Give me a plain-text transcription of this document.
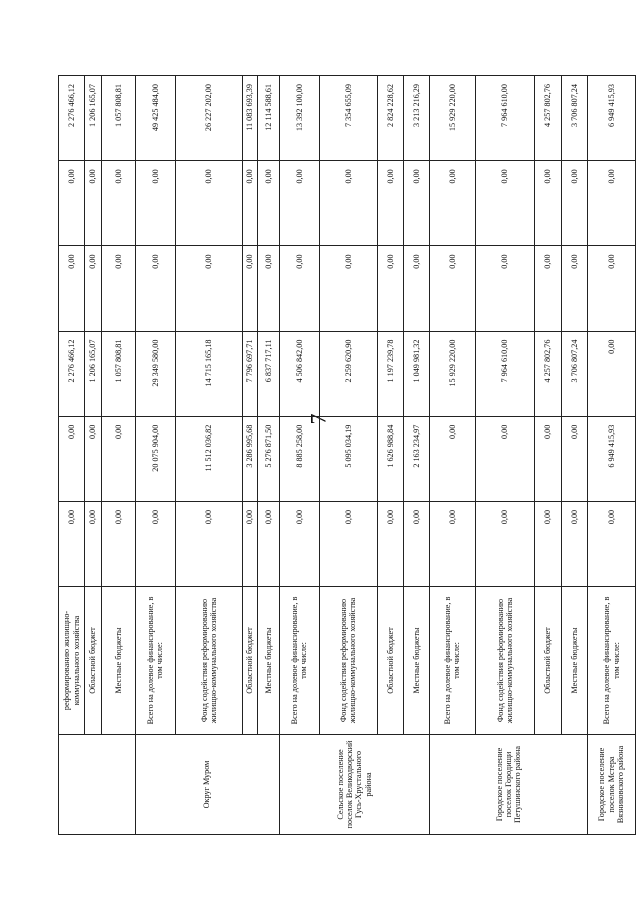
7
	реформированию жилищно-коммунального хозяйства	0,00	0,00	2 276 466,12	0,00	0,00	2 276 466,12
	Областной бюджет	0,00	0,00	1 206 165,07	0,00	0,00	1 206 165,07
	Местные бюджеты	0,00	0,00	1 057 808,81	0,00	0,00	1 057 808,81
Округ Муром	Всего на долевое финансирование, в том числе:	0,00	20 075 904,00	29 349 580,00	0,00	0,00	49 425 484,00
	Фонд содействия реформированию жилищно-коммунального хозяйства	0,00	11 512 036,82	14 715 165,18	0,00	0,00	26 227 202,00
	Областной бюджет	0,00	3 286 995,68	7 796 697,71	0,00	0,00	11 083 693,39
	Местные бюджеты	0,00	5 276 871,50	6 837 717,11	0,00	0,00	12 114 588,61
Сельское поселение поселок Великодворский Гусь-Хрустального района	Всего на долевое финансирование, в том числе:	0,00	8 885 258,00	4 506 842,00	0,00	0,00	13 392 100,00
	Фонд содействия реформированию жилищно-коммунального хозяйства	0,00	5 095 034,19	2 259 620,90	0,00	0,00	7 354 655,09
	Областной бюджет	0,00	1 626 988,84	1 197 239,78	0,00	0,00	2 824 228,62
	Местные бюджеты	0,00	2 163 234,97	1 049 981,32	0,00	0,00	3 213 216,29
Городское поселение поселок Городищи Петушинского района	Всего на долевое финансирование, в том числе:	0,00	0,00	15 929 220,00	0,00	0,00	15 929 220,00
	Фонд содействия реформированию жилищно-коммунального хозяйства	0,00	0,00	7 964 610,00	0,00	0,00	7 964 610,00
	Областной бюджет	0,00	0,00	4 257 802,76	0,00	0,00	4 257 802,76
	Местные бюджеты	0,00	0,00	3 706 807,24	0,00	0,00	3 706 807,24
Городское поселение поселок Мстера Вязниковского района	Всего на долевое финансирование, в том числе:	0,00	6 949 415,93	0,00	0,00	0,00	6 949 415,93
